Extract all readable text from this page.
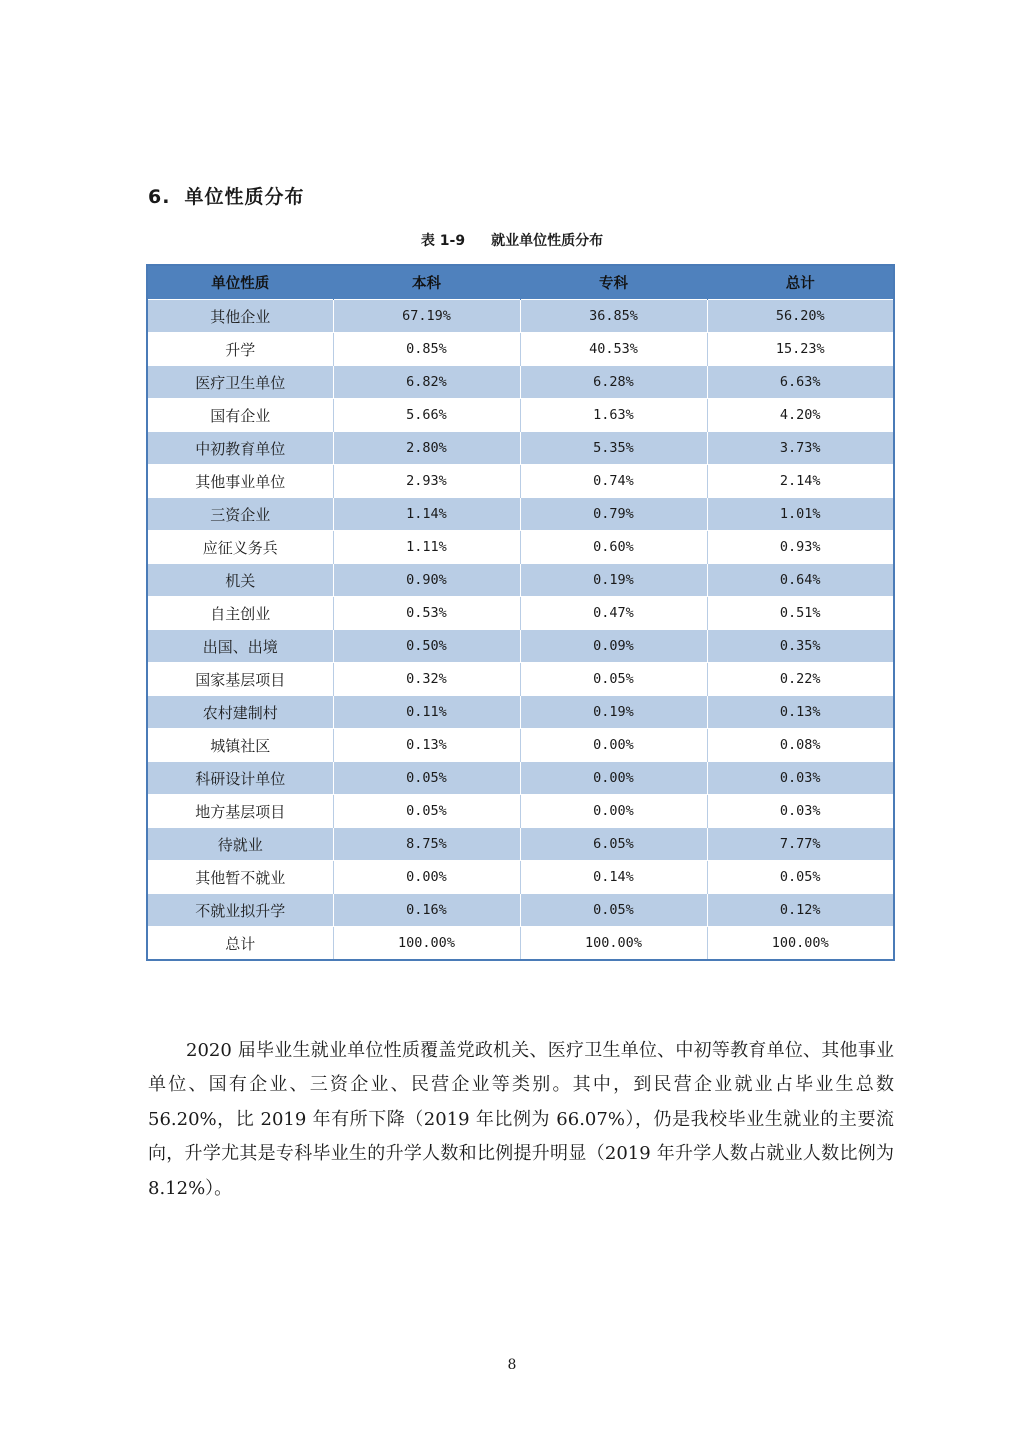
6. 单位性质分布
表 1-9 就业单位性质分布
单位性质	本科	专科	总计
其他企业	67.19%	36.85%	56.20%
升学	0.85%	40.53%	15.23%
医疗卫生单位	6.82%	6.28%	6.63%
国有企业	5.66%	1.63%	4.20%
中初教育单位	2.80%	5.35%	3.73%
其他事业单位	2.93%	0.74%	2.14%
三资企业	1.14%	0.79%	1.01%
应征义务兵	1.11%	0.60%	0.93%
机关	0.90%	0.19%	0.64%
自主创业	0.53%	0.47%	0.51%
出国、出境	0.50%	0.09%	0.35%
国家基层项目	0.32%	0.05%	0.22%
农村建制村	0.11%	0.19%	0.13%
城镇社区	0.13%	0.00%	0.08%
科研设计单位	0.05%	0.00%	0.03%
地方基层项目	0.05%	0.00%	0.03%
待就业	8.75%	6.05%	7.77%
其他暂不就业	0.00%	0.14%	0.05%
不就业拟升学	0.16%	0.05%	0.12%
总计	100.00%	100.00%	100.00%
2020 届毕业生就业单位性质覆盖党政机关、医疗卫生单位、中初等教育单位、其他事业单位、国有企业、三资企业、民营企业等类别。其中，到民营企业就业占毕业生总数 56.20%，比 2019 年有所下降（2019 年比例为 66.07%），仍是我校毕业生就业的主要流向，升学尤其是专科毕业生的升学人数和比例提升明显（2019 年升学人数占就业人数比例为 8.12%）。
8
